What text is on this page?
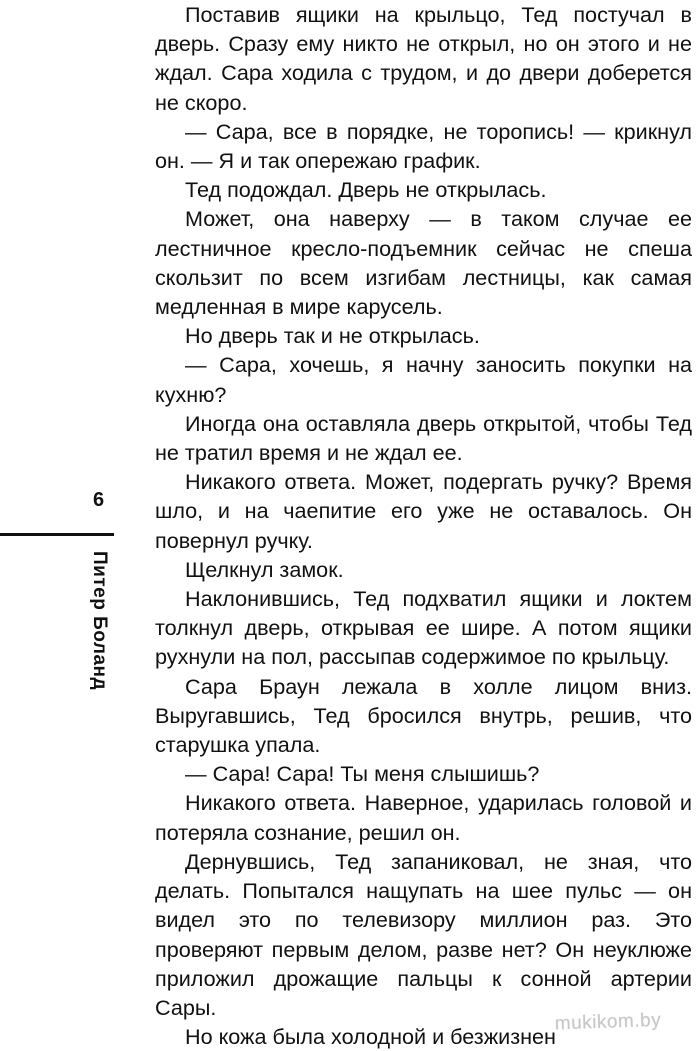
6
Питер Боланд

Поставив ящики на крыльцо, Тед постучал в дверь. Сразу ему никто не открыл, но он этого и не ждал. Сара ходила с трудом, и до двери доберется не скоро.

— Сара, все в порядке, не торопись! — крикнул он. — Я и так опережаю график.

Тед подождал. Дверь не открылась.

Может, она наверху — в таком случае ее лестничное кресло-подъемник сейчас не спеша скользит по всем изгибам лестницы, как самая медленная в мире карусель.

Но дверь так и не открылась.

— Сара, хочешь, я начну заносить покупки на кухню?

Иногда она оставляла дверь открытой, чтобы Тед не тратил время и не ждал ее.

Никакого ответа. Может, подергать ручку? Время шло, и на чаепитие его уже не оставалось. Он повернул ручку.

Щелкнул замок.

Наклонившись, Тед подхватил ящики и локтем толкнул дверь, открывая ее шире. А потом ящики рухнули на пол, рассыпав содержимое по крыльцу.

Сара Браун лежала в холле лицом вниз. Выругавшись, Тед бросился внутрь, решив, что старушка упала.

— Сара! Сара! Ты меня слышишь?

Никакого ответа. Наверное, ударилась головой и потеряла сознание, решил он.

Дернувшись, Тед запаниковал, не зная, что делать. Попытался нащупать на шее пульс — он видел это по телевизору миллион раз. Это проверяют первым делом, разве нет? Он неуклюже приложил дрожащие пальцы к сонной артерии Сары.

Но кожа была холодной и безжизнен

mukikom.by
